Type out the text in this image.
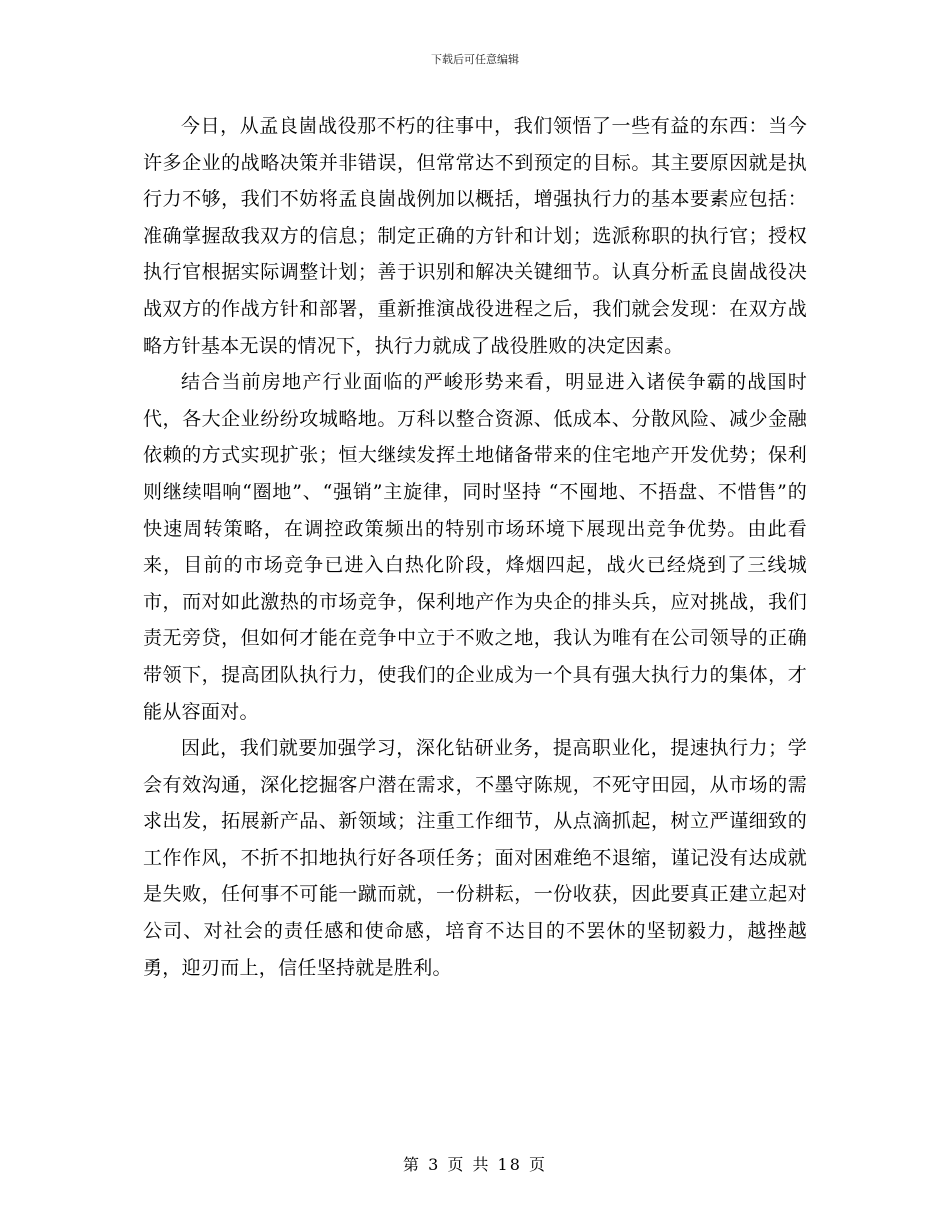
下载后可任意编辑

今日，从孟良崮战役那不朽的往事中，我们领悟了一些有益的东西：当今许多企业的战略决策并非错误，但常常达不到预定的目标。其主要原因就是执行力不够，我们不妨将孟良崮战例加以概括，增强执行力的基本要素应包括：准确掌握敌我双方的信息；制定正确的方针和计划；选派称职的执行官；授权执行官根据实际调整计划；善于识别和解决关键细节。认真分析孟良崮战役决战双方的作战方针和部署，重新推演战役进程之后，我们就会发现：在双方战略方针基本无误的情况下，执行力就成了战役胜败的决定因素。

结合当前房地产行业面临的严峻形势来看，明显进入诸侯争霸的战国时代，各大企业纷纷攻城略地。万科以整合资源、低成本、分散风险、减少金融依赖的方式实现扩张；恒大继续发挥土地储备带来的住宅地产开发优势；保利则继续唱响“圈地”、“强销”主旋律，同时坚持 “不囤地、不捂盘、不惜售”的快速周转策略，在调控政策频出的特别市场环境下展现出竞争优势。由此看来，目前的市场竞争已进入白热化阶段，烽烟四起，战火已经烧到了三线城市，而对如此激热的市场竞争，保利地产作为央企的排头兵，应对挑战，我们责无旁贷，但如何才能在竞争中立于不败之地，我认为唯有在公司领导的正确带领下，提高团队执行力，使我们的企业成为一个具有强大执行力的集体，才能从容面对。

因此，我们就要加强学习，深化钻研业务，提高职业化，提速执行力；学会有效沟通，深化挖掘客户潜在需求，不墨守陈规，不死守田园，从市场的需求出发，拓展新产品、新领域；注重工作细节，从点滴抓起，树立严谨细致的工作作风，不折不扣地执行好各项任务；面对困难绝不退缩，谨记没有达成就是失败，任何事不可能一蹴而就，一份耕耘，一份收获，因此要真正建立起对公司、对社会的责任感和使命感，培育不达目的不罢休的坚韧毅力，越挫越勇，迎刃而上，信任坚持就是胜利。

第 3 页 共 18 页
